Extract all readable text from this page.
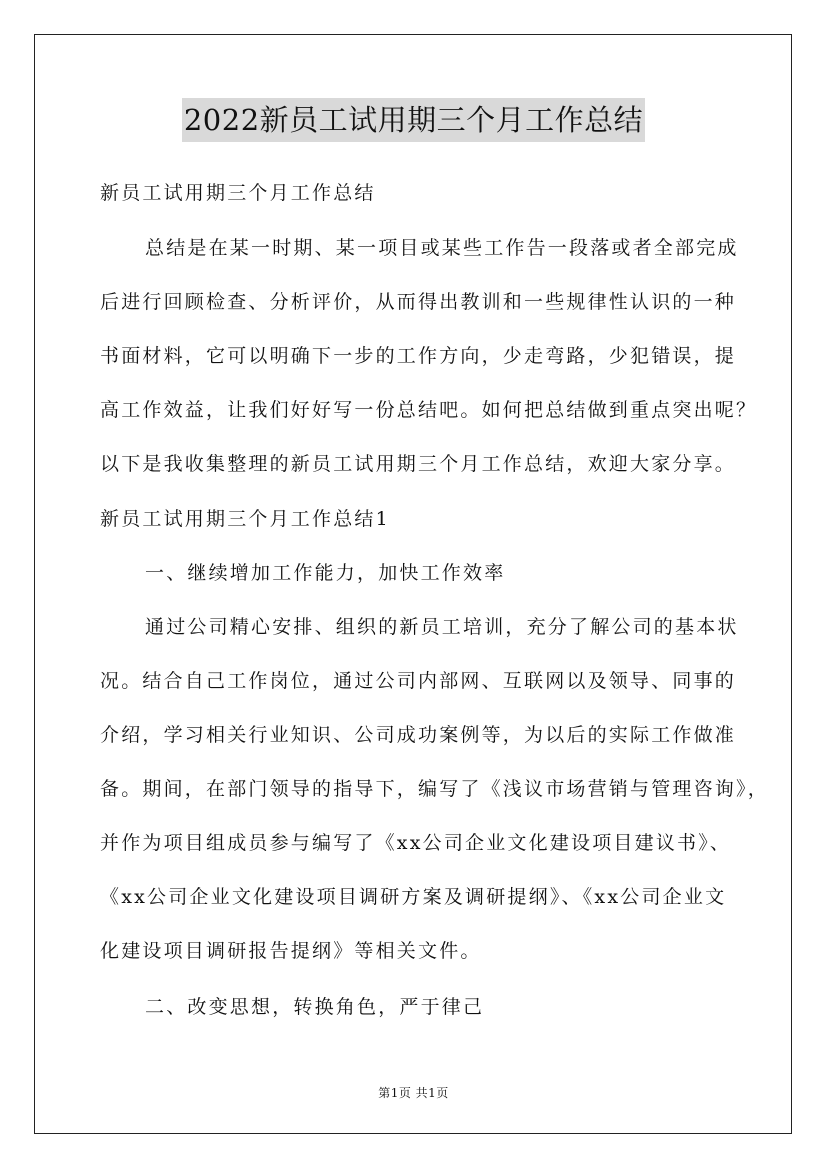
2022新员工试用期三个月工作总结
新员工试用期三个月工作总结
总结是在某一时期、某一项目或某些工作告一段落或者全部完成
后进行回顾检查、分析评价，从而得出教训和一些规律性认识的一种
书面材料，它可以明确下一步的工作方向，少走弯路，少犯错误，提
高工作效益，让我们好好写一份总结吧。如何把总结做到重点突出呢？
以下是我收集整理的新员工试用期三个月工作总结，欢迎大家分享。
新员工试用期三个月工作总结1
一、继续增加工作能力，加快工作效率
通过公司精心安排、组织的新员工培训，充分了解公司的基本状
况。结合自己工作岗位，通过公司内部网、互联网以及领导、同事的
介绍，学习相关行业知识、公司成功案例等，为以后的实际工作做准
备。期间，在部门领导的指导下，编写了《浅议市场营销与管理咨询》，
并作为项目组成员参与编写了《xx公司企业文化建设项目建议书》、
《xx公司企业文化建设项目调研方案及调研提纲》、《xx公司企业文
化建设项目调研报告提纲》等相关文件。
二、改变思想，转换角色，严于律己
第1页 共1页
